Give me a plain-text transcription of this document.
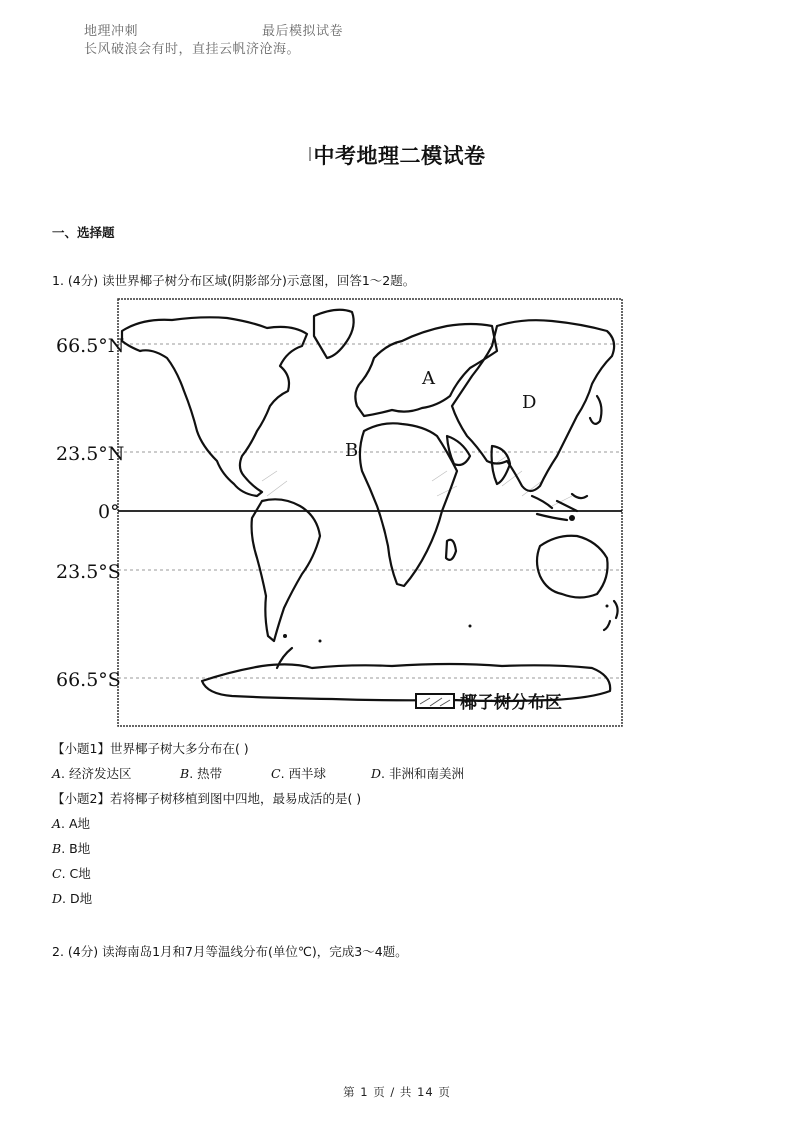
地理冲刺	最后模拟试卷
长风破浪会有时，直挂云帆济沧海。
中考地理二模试卷
一、选择题
1. (4分) 读世界椰子树分布区域(阴影部分)示意图，回答1～2题。
66.5°N
23.5°N
0°
23.5°S
66.5°S
A
B
D
椰子树分布区
【小题1】世界椰子树大多分布在( )
A. 经济发达区	B. 热带	C. 西半球	D. 非洲和南美洲
【小题2】若将椰子树移植到图中四地，最易成活的是( )
A. A地
B. B地
C. C地
D. D地
2. (4分) 读海南岛1月和7月等温线分布(单位℃)，完成3～4题。
第 1 页 / 共 14 页
